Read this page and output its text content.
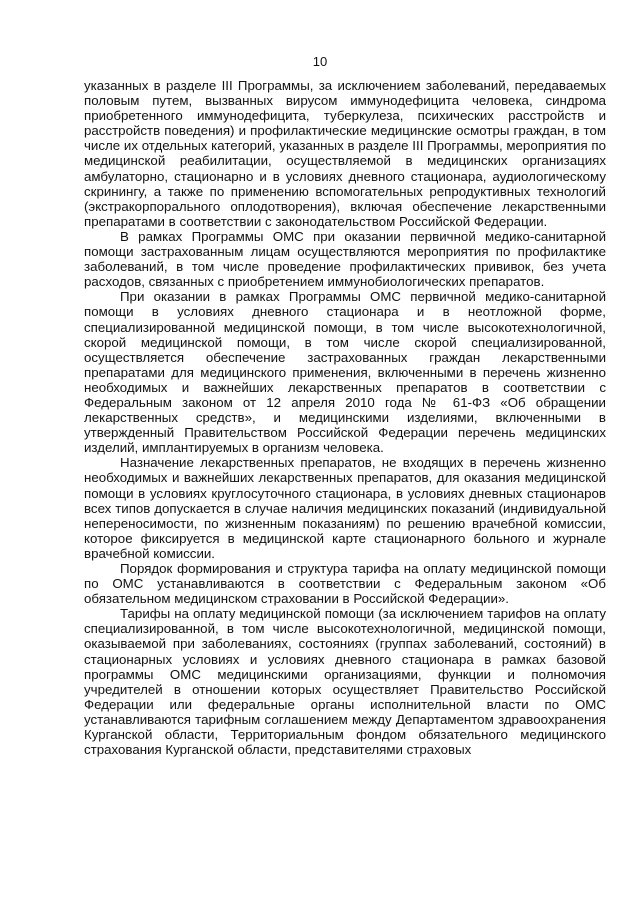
10

указанных в разделе III Программы, за исключением заболеваний, передаваемых половым путем, вызванных вирусом иммунодефицита человека, синдрома приобретенного иммунодефицита, туберкулеза, психических расстройств и расстройств поведения) и профилактические медицинские осмотры граждан, в том числе их отдельных категорий, указанных в разделе III Программы, мероприятия по медицинской реабилитации, осуществляемой в медицинских организациях амбулаторно, стационарно и в условиях дневного стационара, аудиологическому скринингу, а также по применению вспомогательных репродуктивных технологий (экстракорпорального оплодотворения), включая обеспечение лекарственными препаратами в соответствии с законодательством Российской Федерации.

В рамках Программы ОМС при оказании первичной медико-санитарной помощи застрахованным лицам осуществляются мероприятия по профилактике заболеваний, в том числе проведение профилактических прививок, без учета расходов, связанных с приобретением иммунобиологических препаратов.

При оказании в рамках Программы ОМС первичной медико-санитарной помощи в условиях дневного стационара и в неотложной форме, специализированной медицинской помощи, в том числе высокотехнологичной, скорой медицинской помощи, в том числе скорой специализированной, осуществляется обеспечение застрахованных граждан лекарственными препаратами для медицинского применения, включенными в перечень жизненно необходимых и важнейших лекарственных препаратов в соответствии с Федеральным законом от 12 апреля 2010 года № 61-ФЗ «Об обращении лекарственных средств», и медицинскими изделиями, включенными в утвержденный Правительством Российской Федерации перечень медицинских изделий, имплантируемых в организм человека.

Назначение лекарственных препаратов, не входящих в перечень жизненно необходимых и важнейших лекарственных препаратов, для оказания медицинской помощи в условиях круглосуточного стационара, в условиях дневных стационаров всех типов допускается в случае наличия медицинских показаний (индивидуальной непереносимости, по жизненным показаниям) по решению врачебной комиссии, которое фиксируется в медицинской карте стационарного больного и журнале врачебной комиссии.

Порядок формирования и структура тарифа на оплату медицинской помощи по ОМС устанавливаются в соответствии с Федеральным законом «Об обязательном медицинском страховании в Российской Федерации».

Тарифы на оплату медицинской помощи (за исключением тарифов на оплату специализированной, в том числе высокотехнологичной, медицинской помощи, оказываемой при заболеваниях, состояниях (группах заболеваний, состояний) в стационарных условиях и условиях дневного стационара в рамках базовой программы ОМС медицинскими организациями, функции и полномочия учредителей в отношении которых осуществляет Правительство Российской Федерации или федеральные органы исполнительной власти по ОМС устанавливаются тарифным соглашением между Департаментом здравоохранения Курганской области, Территориальным фондом обязательного медицинского страхования Курганской области, представителями страховых
